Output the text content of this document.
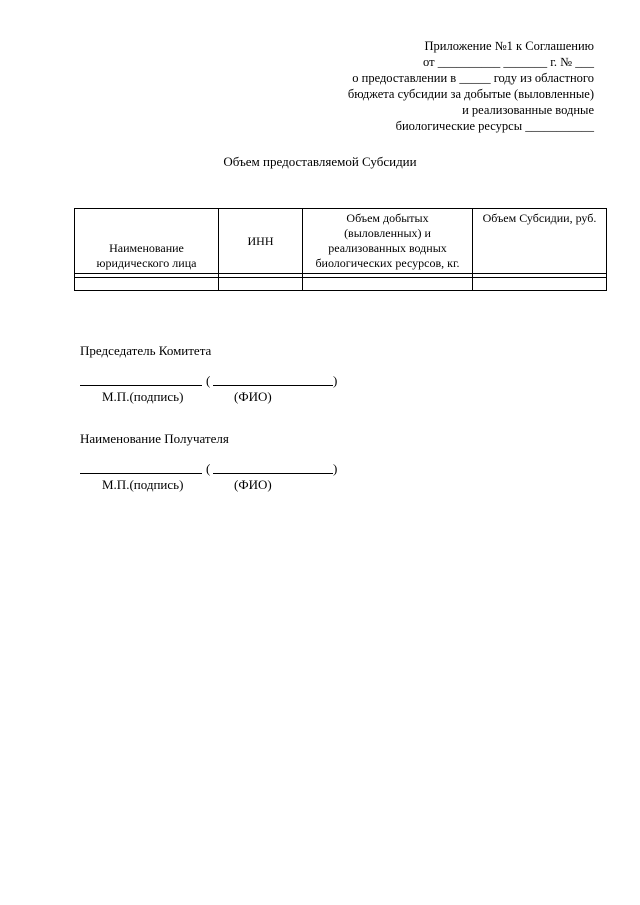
Приложение №1 к Соглашению
от __________ _______ г. № ___
о предоставлении в _____ году из областного
бюджета субсидии за добытые (выловленные)
и реализованные водные
биологические ресурсы ___________
Объем предоставляемой Субсидии
Наименование юридического лица	ИНН	Объем добытых (выловленных) и реализованных водных биологических ресурсов, кг.	Объем Субсидии, руб.

Председатель Комитета
(	)
М.П.(подпись)	(ФИО)
Наименование Получателя
(	)
М.П.(подпись)	(ФИО)
